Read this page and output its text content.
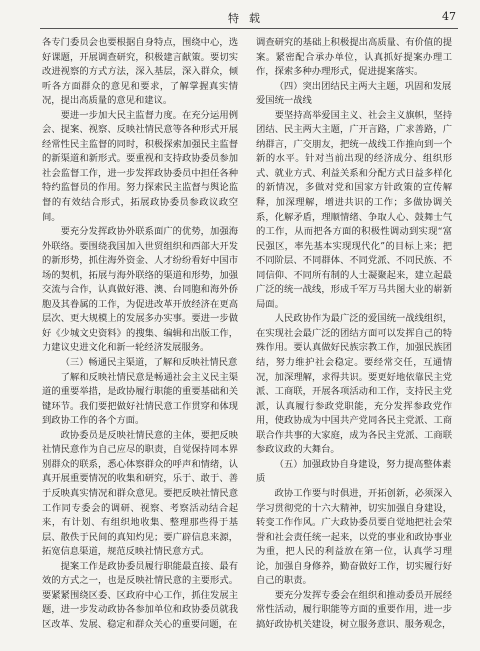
特载	47

各专门委员会也要根据自身特点，围绕中心，选好课题，开展调查研究，积极建言献策。要切实改进视察的方式方法，深入基层，深入群众，倾听各方面群众的意见和要求，了解掌握真实情况，提出高质量的意见和建议。

要进一步加大民主监督力度。在充分运用例会、提案、视察、反映社情民意等各种形式开展经常性民主监督的同时，积极探索加强民主监督的新渠道和新形式。要重视和支持政协委员参加社会监督工作，进一步发挥政协委员中担任各种特约监督员的作用。努力探索民主监督与舆论监督的有效结合形式，拓展政协委员参政议政空间。

要充分发挥政协外联系面广的优势，加强海外联络。要围绕我国加入世贸组织和西部大开发的新形势，抓住海外资金、人才纷纷看好中国市场的契机，拓展与海外联络的渠道和形势，加强交流与合作，认真做好港、澳、台同胞和海外侨胞及其眷属的工作，为促进改革开放经济在更高层次、更大规模上的发展多办实事。要进一步做好《少城文史资料》的搜集、编辑和出版工作，力建议史进文化和新一轮经济发展服务。

（三）畅通民主渠道，了解和反映社情民意

了解和反映社情民意是畅通社会主义民主渠道的重要举措，是政协履行职能的重要基础和关键环节。我们要把做好社情民意工作贯穿和体现到政协工作的各个方面。

政协委员是反映社情民意的主体，要把反映社情民意作为自己应尽的职责，自觉保持同本界别群众的联系，悉心体察群众的呼声和情绪，认真开展重要情况的收集和研究，乐于、敢于、善于反映真实情况和群众意见。要把反映社情民意工作同专委会的调研、视察、考察活动结合起来，有计划、有组织地收集、整理那些得于基层、散佚于民间的真知灼见；要广辟信息来源，拓宽信息渠道，规范反映社情民意方式。

提案工作是政协委员履行职能最直接、最有效的方式之一，也是反映社情民意的主要形式。要紧紧围绕区委、区政府中心工作，抓住发展主题，进一步发动政协各参加单位和政协委员就我区改革、发展、稳定和群众关心的重要问题，在

调查研究的基础上积极提出高质量、有价值的提案。紧密配合承办单位，认真抓好提案办理工作，探索多种办理形式，促进提案落实。

（四）突出团结民主两大主题，巩固和发展爱国统一战线

要坚持高举爱国主义、社会主义旗帜，坚持团结、民主两大主题，广开言路，广求善路，广纳群言，广交朋友，把统一战线工作推向到一个新的水平。针对当前出现的经济成分、组织形式、就业方式、利益关系和分配方式日益多样化的新情况，多做对党和国家方针政策的宣传解释，加深理解，增进共识的工作；多做协调关系，化解矛盾，理顺情绪、争取人心、鼓舞士气的工作，从而把各方面的积极性调动到实现“富民强区，率先基本实现现代化”的目标上来；把不同阶层、不同群体、不同党派、不同民族、不同信仰、不同所有制的人士凝聚起来，建立起最广泛的统一战线，形成千军万马共图大业的崭新局面。

人民政协作为最广泛的爱国统一战线组织，在实现社会最广泛的团结方面可以发挥自己的特殊作用。要认真做好民族宗教工作，加强民族团结，努力维护社会稳定。要经常交任，互通情况，加深理解，求得共识。要更好地依靠民主党派、工商联，开展各项活动和工作，支持民主党派，认真履行参政党职能，充分发挥参政党作用，使政协成为中国共产党同各民主党派、工商联合作共事的大家庭，成为各民主党派、工商联参政议政的大舞台。

（五）加强政协自身建设，努力提高整体素质

政协工作要与时俱进，开拓创新，必须深入学习贯彻党的十六大精神，切实加强自身建设，转变工作作风。广大政协委员要自觉地把社会荣誉和社会责任统一起来，以党的事业和政协事业为重，把人民的利益放在第一位，认真学习理论，加强自身修养，勤奋做好工作，切实履行好自己的职责。

要充分发挥专委会在组织和推动委员开展经常性活动，履行职能等方面的重要作用，进一步搞好政协机关建设，树立服务意识、服务观念，
